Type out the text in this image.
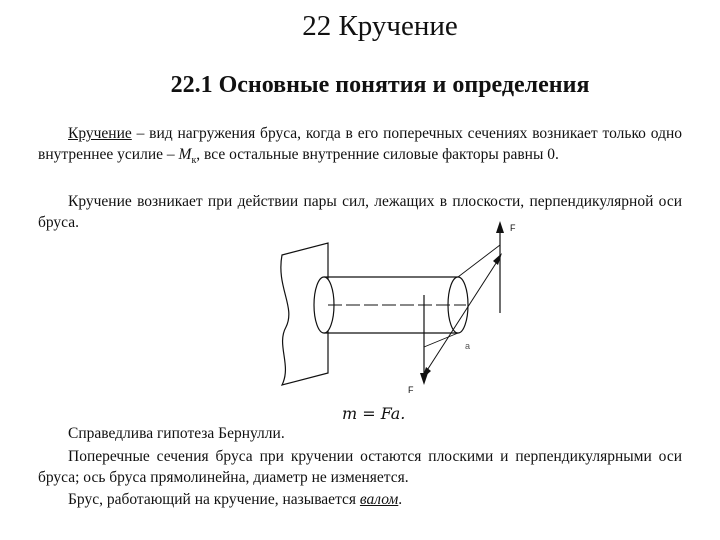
22 Кручение
22.1 Основные понятия и определения
Кручение – вид нагружения бруса, когда в его поперечных сечениях возникает только одно внутреннее усилие – $М_к$, все остальные внутренние силовые факторы равны 0.
Кручение возникает при действии пары сил, лежащих в плоскости, перпендикулярной оси бруса.	F
F
a
m = Fa.
Справедлива гипотеза Бернулли.
Поперечные сечения бруса при кручении остаются плоскими и перпендикулярными оси бруса; ось бруса прямолинейна, диаметр не изменяется.
Брус, работающий на кручение, называется валом.
